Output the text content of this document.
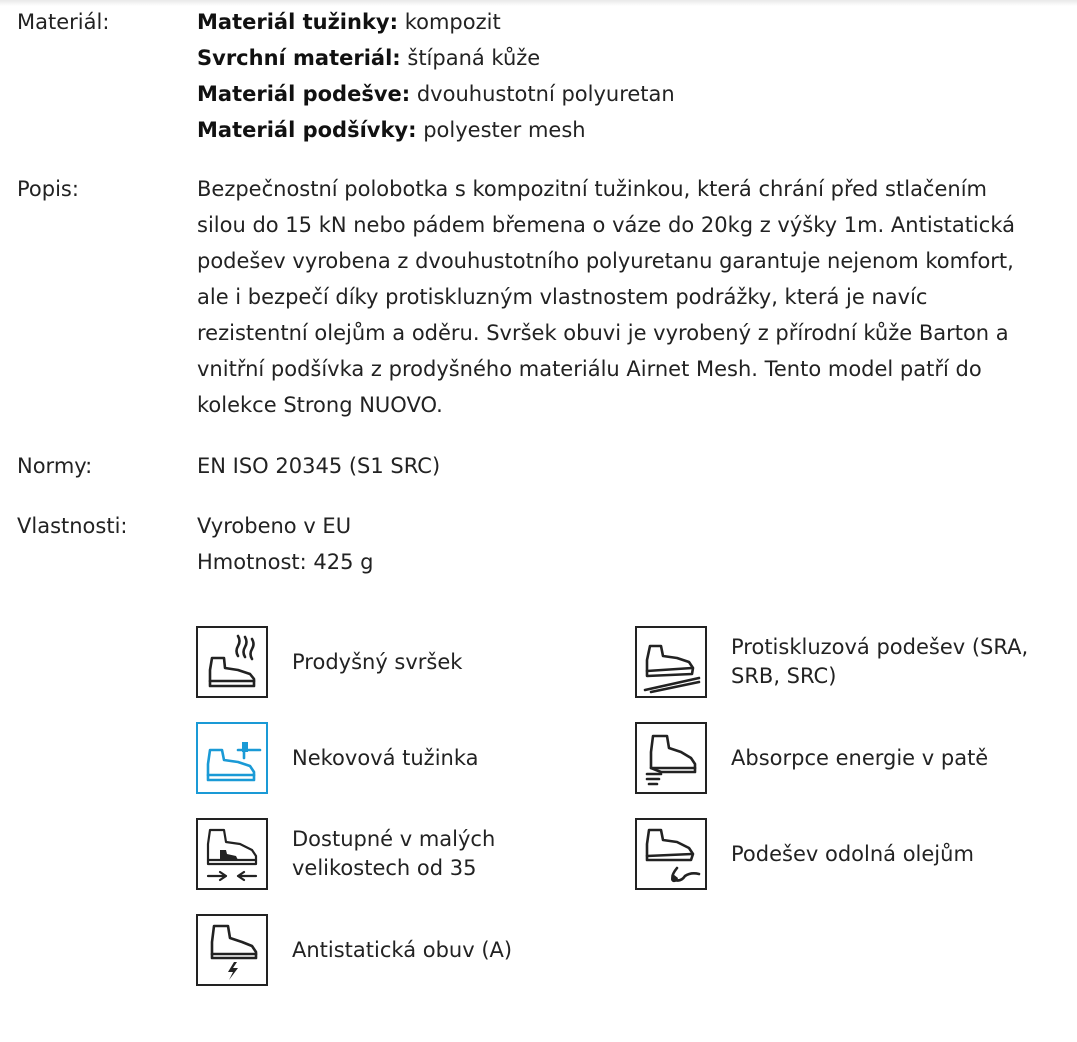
Materiál:	Materiál tužinky: kompozit

Svrchní materiál: štípaná kůže

Materiál podešve: dvouhustotní polyuretan

Materiál podšívky: polyester mesh

Popis:	Bezpečnostní polobotka s kompozitní tužinkou, která chrání před stlačením silou do 15 kN nebo pádem břemena o váze do 20kg z výšky 1m. Antistatická podešev vyrobena z dvouhustotního polyuretanu garantuje nejenom komfort, ale i bezpečí díky protiskluzným vlastnostem podrážky, která je navíc rezistentní olejům a oděru. Svršek obuvi je vyrobený z přírodní kůže Barton a vnitřní podšívka z prodyšného materiálu Airnet Mesh. Tento model patří do kolekce Strong NUOVO.
Normy:	EN ISO 20345 (S1 SRC)
Vlastnosti:	Vyrobeno v EU

Hmotnost: 425 g

Prodyšný svršek
Protiskluzová podešev (SRA, SRB, SRC)
Nekovová tužinka	Absorpce energie v patě
Dostupné v malých velikostech od 35
Podešev odolná olejům
Antistatická obuv (A)
